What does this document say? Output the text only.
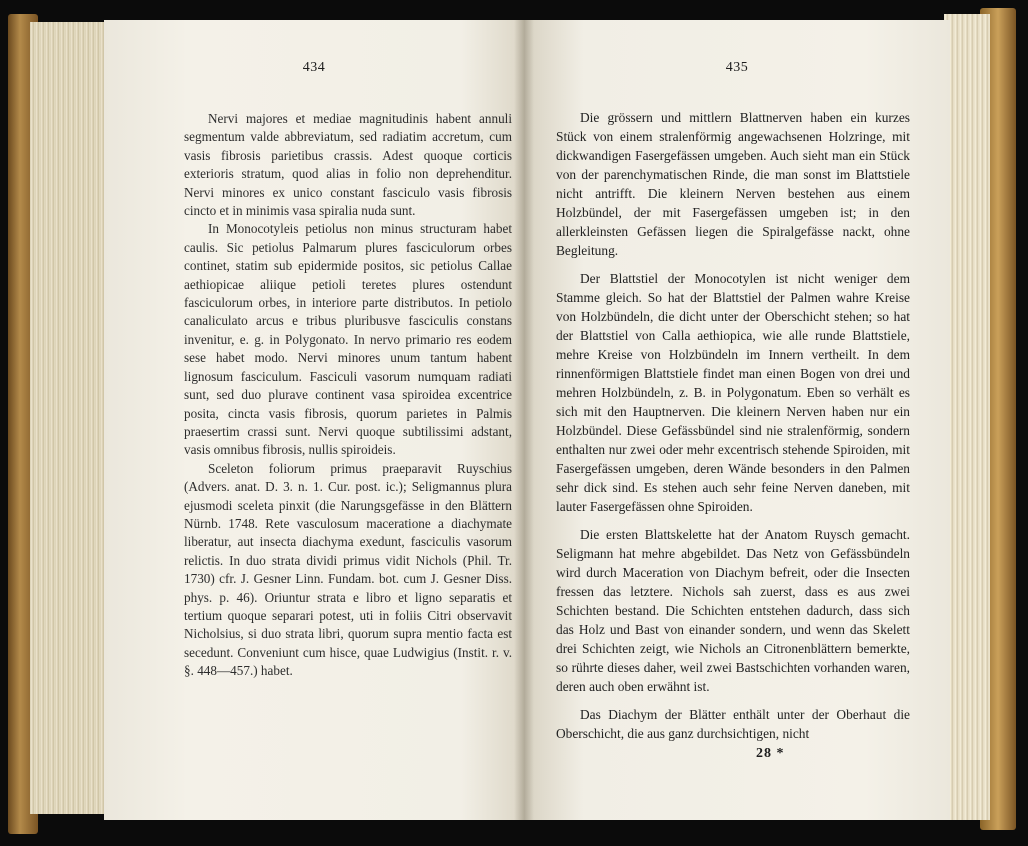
434

Nervi majores et mediae magnitudinis habent annuli segmentum valde abbreviatum, sed radiatim accretum, cum vasis fibrosis parietibus crassis. Adest quoque corticis exterioris stratum, quod alias in folio non deprehenditur. Nervi minores ex unico constant fasciculo vasis fibrosis cincto et in minimis vasa spiralia nuda sunt.

In Monocotyleis petiolus non minus structuram habet caulis. Sic petiolus Palmarum plures fasciculorum orbes continet, statim sub epidermide positos, sic petiolus Callae aethiopicae aliique petioli teretes plures ostendunt fasciculorum orbes, in interiore parte distributos. In petiolo canaliculato arcus e tribus pluribusve fasciculis constans invenitur, e. g. in Polygonato. In nervo primario res eodem sese habet modo. Nervi minores unum tantum habent lignosum fasciculum. Fasciculi vasorum numquam radiati sunt, sed duo plurave continent vasa spiroidea excentrice posita, cincta vasis fibrosis, quorum parietes in Palmis praesertim crassi sunt. Nervi quoque subtilissimi adstant, vasis omnibus fibrosis, nullis spiroideis.

Sceleton foliorum primus praeparavit Ruyschius (Advers. anat. D. 3. n. 1. Cur. post. ic.); Seligmannus plura ejusmodi sceleta pinxit (die Narungsgefässe in den Blättern Nürnb. 1748. Rete vasculosum maceratione a diachymate liberatur, aut insecta diachyma exedunt, fasciculis vasorum relictis. In duo strata dividi primus vidit Nichols (Phil. Tr. 1730) cfr. J. Gesner Linn. Fundam. bot. cum J. Gesner Diss. phys. p. 46). Oriuntur strata e libro et ligno separatis et tertium quoque separari potest, uti in foliis Citri observavit Nicholsius, si duo strata libri, quorum supra mentio facta est secedunt. Conveniunt cum hisce, quae Ludwigius (Instit. r. v. §. 448—457.) habet.

435

Die grössern und mittlern Blattnerven haben ein kurzes Stück von einem stralenförmig angewachsenen Holzringe, mit dickwandigen Fasergefässen umgeben. Auch sieht man ein Stück von der parenchymatischen Rinde, die man sonst im Blattstiele nicht antrifft. Die kleinern Nerven bestehen aus einem Holzbündel, der mit Fasergefässen umgeben ist; in den allerkleinsten Gefässen liegen die Spiralgefässe nackt, ohne Begleitung.

Der Blattstiel der Monocotylen ist nicht weniger dem Stamme gleich. So hat der Blattstiel der Palmen wahre Kreise von Holzbündeln, die dicht unter der Oberschicht stehen; so hat der Blattstiel von Calla aethiopica, wie alle runde Blattstiele, mehre Kreise von Holzbündeln im Innern vertheilt. In dem rinnenförmigen Blattstiele findet man einen Bogen von drei und mehren Holzbündeln, z. B. in Polygonatum. Eben so verhält es sich mit den Hauptnerven. Die kleinern Nerven haben nur ein Holzbündel. Diese Gefässbündel sind nie stralenförmig, sondern enthalten nur zwei oder mehr excentrisch stehende Spiroiden, mit Fasergefässen umgeben, deren Wände besonders in den Palmen sehr dick sind. Es stehen auch sehr feine Nerven daneben, mit lauter Fasergefässen ohne Spiroiden.

Die ersten Blattskelette hat der Anatom Ruysch gemacht. Seligmann hat mehre abgebildet. Das Netz von Gefässbündeln wird durch Maceration von Diachym befreit, oder die Insecten fressen das letztere. Nichols sah zuerst, dass es aus zwei Schichten bestand. Die Schichten entstehen dadurch, dass sich das Holz und Bast von einander sondern, und wenn das Skelett drei Schichten zeigt, wie Nichols an Citronenblättern bemerkte, so rührte dieses daher, weil zwei Bastschichten vorhanden waren, deren auch oben erwähnt ist.

Das Diachym der Blätter enthält unter der Oberhaut die Oberschicht, die aus ganz durchsichtigen, nicht

28 *
